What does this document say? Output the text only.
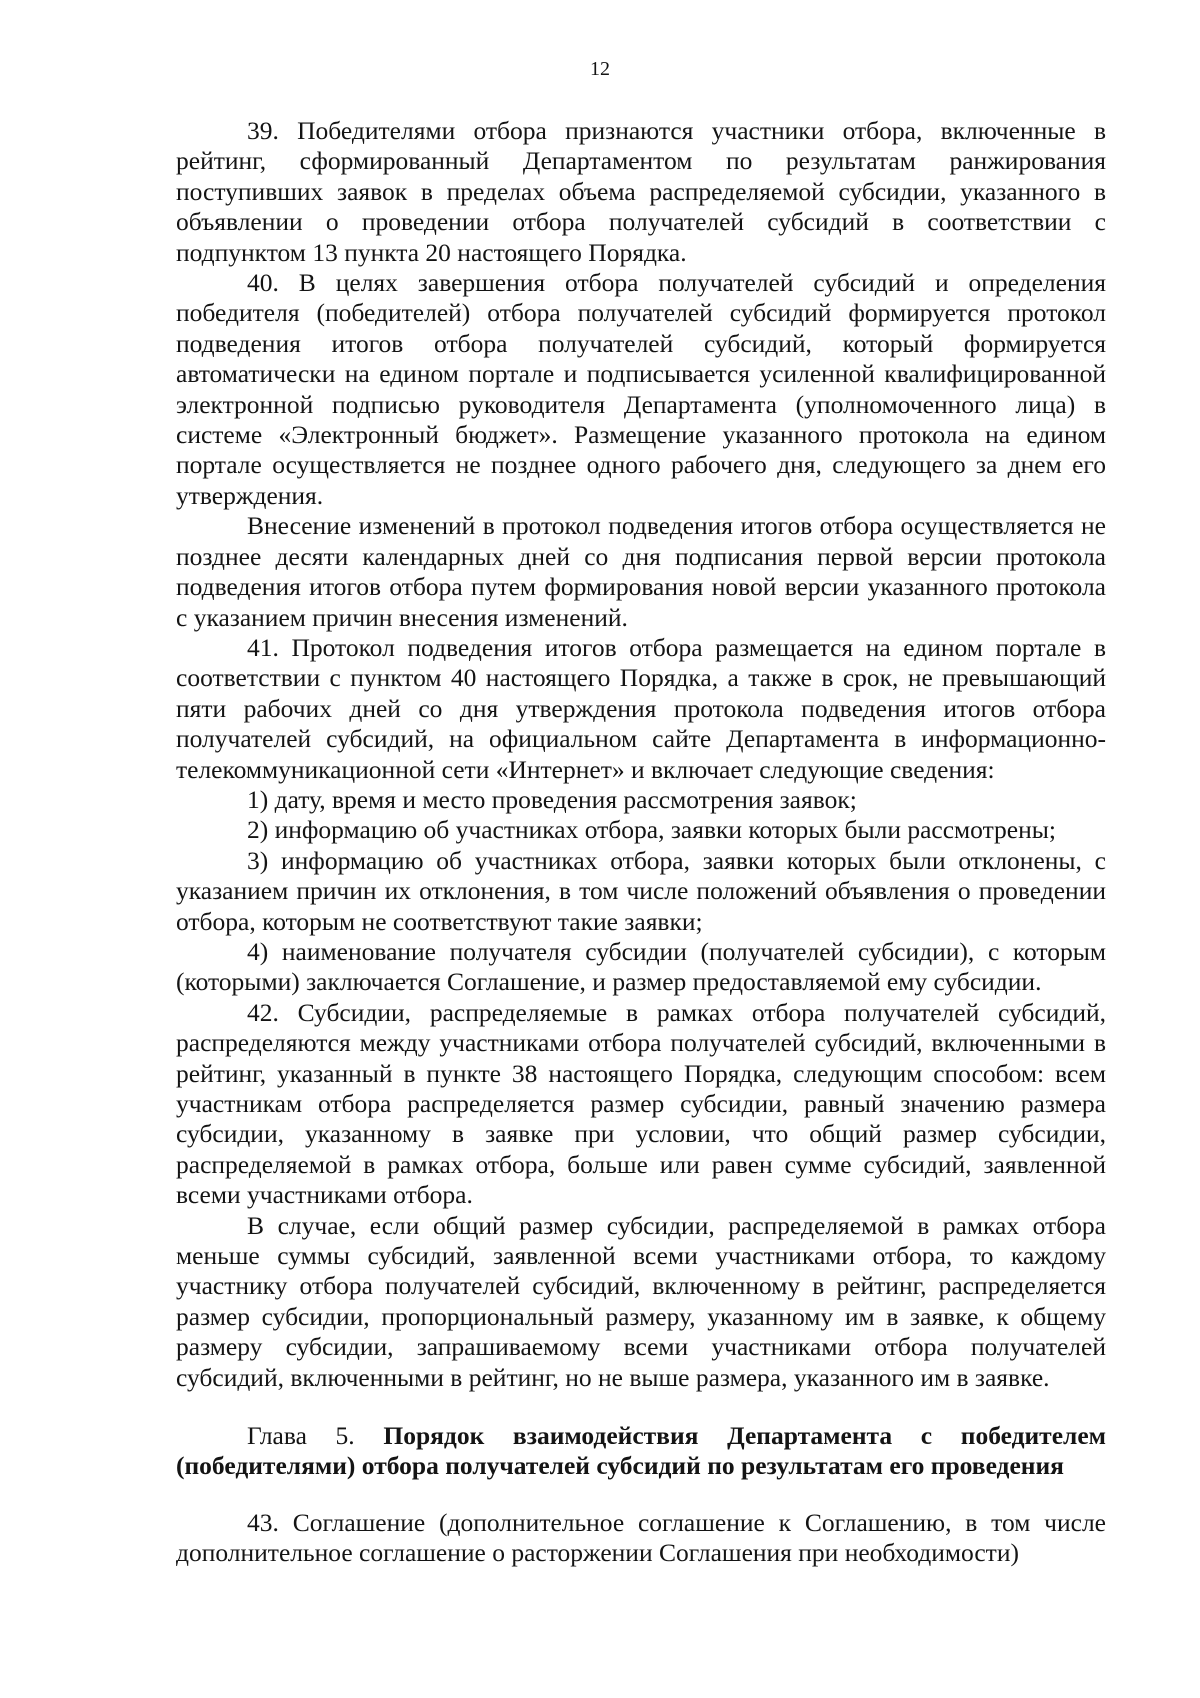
12

39. Победителями отбора признаются участники отбора, включенные в рейтинг, сформированный Департаментом по результатам ранжирования поступивших заявок в пределах объема распределяемой субсидии, указанного в объявлении о проведении отбора получателей субсидий в соответствии с подпунктом 13 пункта 20 настоящего Порядка.

40. В целях завершения отбора получателей субсидий и определения победителя (победителей) отбора получателей субсидий формируется протокол подведения итогов отбора получателей субсидий, который формируется автоматически на едином портале и подписывается усиленной квалифицированной электронной подписью руководителя Департамента (уполномоченного лица) в системе «Электронный бюджет». Размещение указанного протокола на едином портале осуществляется не позднее одного рабочего дня, следующего за днем его утверждения.

Внесение изменений в протокол подведения итогов отбора осуществляется не позднее десяти календарных дней со дня подписания первой версии протокола подведения итогов отбора путем формирования новой версии указанного протокола с указанием причин внесения изменений.

41. Протокол подведения итогов отбора размещается на едином портале в соответствии с пунктом 40 настоящего Порядка, а также в срок, не превышающий пяти рабочих дней со дня утверждения протокола подведения итогов отбора получателей субсидий, на официальном сайте Департамента в информационно-телекоммуникационной сети «Интернет» и включает следующие сведения:

1) дату, время и место проведения рассмотрения заявок;

2) информацию об участниках отбора, заявки которых были рассмотрены;

3) информацию об участниках отбора, заявки которых были отклонены, с указанием причин их отклонения, в том числе положений объявления о проведении отбора, которым не соответствуют такие заявки;

4) наименование получателя субсидии (получателей субсидии), с которым (которыми) заключается Соглашение, и размер предоставляемой ему субсидии.

42. Субсидии, распределяемые в рамках отбора получателей субсидий, распределяются между участниками отбора получателей субсидий, включенными в рейтинг, указанный в пункте 38 настоящего Порядка, следующим способом: всем участникам отбора распределяется размер субсидии, равный значению размера субсидии, указанному в заявке при условии, что общий размер субсидии, распределяемой в рамках отбора, больше или равен сумме субсидий, заявленной всеми участниками отбора.

В случае, если общий размер субсидии, распределяемой в рамках отбора меньше суммы субсидий, заявленной всеми участниками отбора, то каждому участнику отбора получателей субсидий, включенному в рейтинг, распределяется размер субсидии, пропорциональный размеру, указанному им в заявке, к общему размеру субсидии, запрашиваемому всеми участниками отбора получателей субсидий, включенными в рейтинг, но не выше размера, указанного им в заявке.

Глава 5. Порядок взаимодействия Департамента с победителем (победителями) отбора получателей субсидий по результатам его проведения

43. Соглашение (дополнительное соглашение к Соглашению, в том числе дополнительное соглашение о расторжении Соглашения при необходимости)
